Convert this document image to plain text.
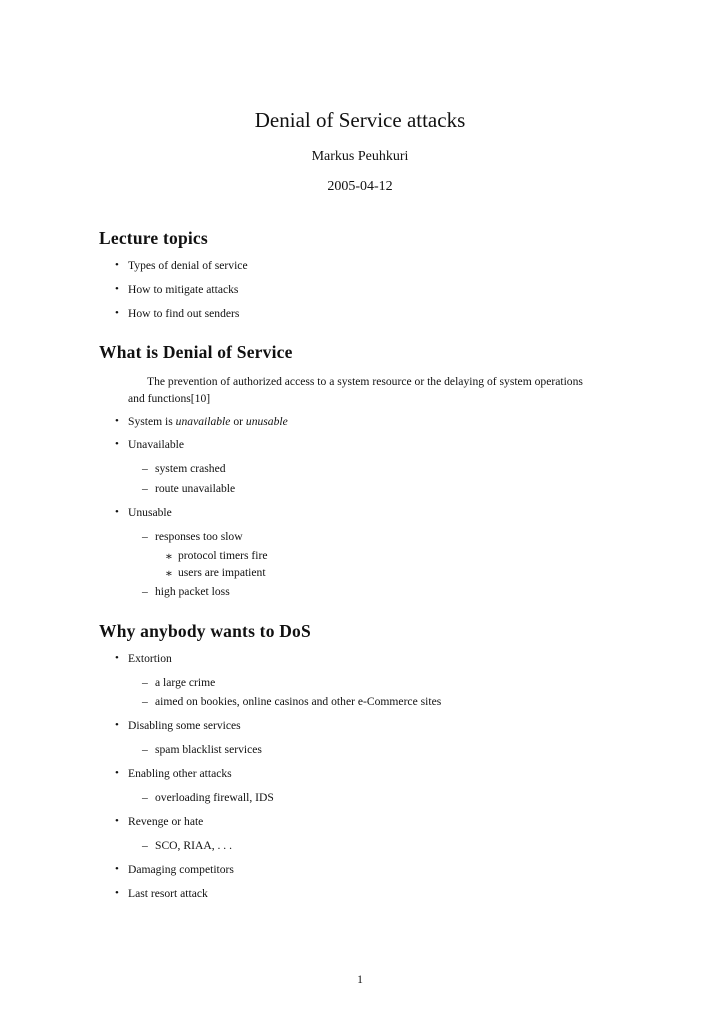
Denial of Service attacks
Markus Peuhkuri
2005-04-12
Lecture topics
• Types of denial of service
• How to mitigate attacks
• How to find out senders
What is Denial of Service
The prevention of authorized access to a system resource or the delaying of system operations and functions[10]
• System is unavailable or unusable
• Unavailable
– system crashed
– route unavailable
• Unusable
– responses too slow
∗ protocol timers fire
∗ users are impatient
– high packet loss
Why anybody wants to DoS
• Extortion
– a large crime
– aimed on bookies, online casinos and other e-Commerce sites
• Disabling some services
– spam blacklist services
• Enabling other attacks
– overloading firewall, IDS
• Revenge or hate
– SCO, RIAA, . . .
• Damaging competitors
• Last resort attack
1
